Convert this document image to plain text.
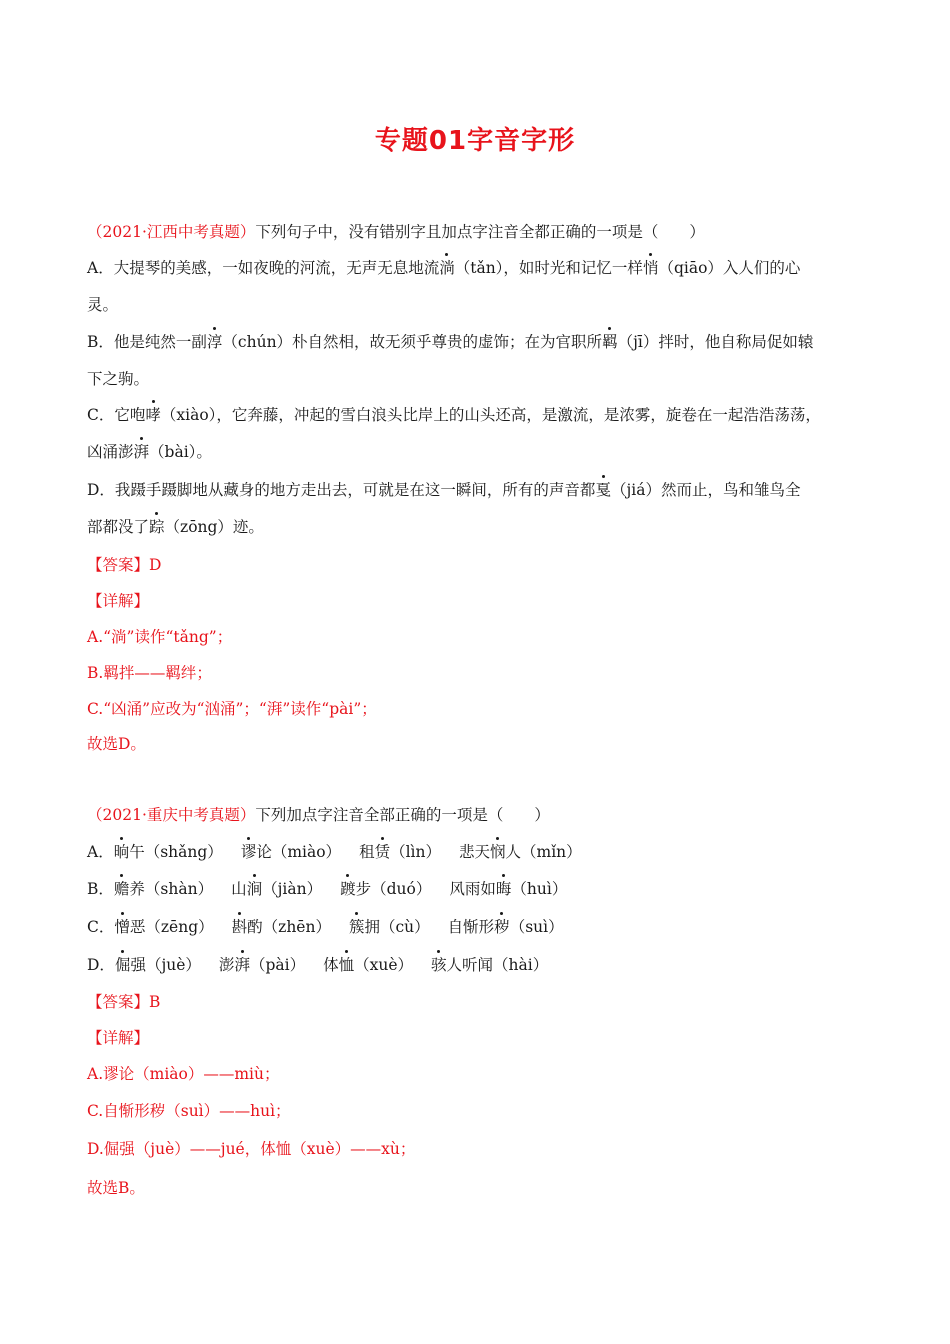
专题01字音字形
（2021·江西中考真题）下列句子中，没有错别字且加点字注音全都正确的一项是（　　）
A．大提琴的美感，一如夜晚的河流，无声无息地流淌（tǎn），如时光和记忆一样悄（qiāo）入人们的心
灵。
B．他是纯然一副淳（chún）朴自然相，故无须乎尊贵的虚饰；在为官职所羁（jī）拌时，他自称局促如辕
下之驹。
C．它咆哮（xiào），它奔藤，冲起的雪白浪头比岸上的山头还高，是激流，是浓雾，旋卷在一起浩浩荡荡，
凶涌澎湃（bài）。
D．我蹑手蹑脚地从藏身的地方走出去，可就是在这一瞬间，所有的声音都戛（jiá）然而止，鸟和雏鸟全
部都没了踪（zōng）迹。
【答案】D
【详解】
A.“淌”读作“tǎng”；
B.羁拌——羁绊；
C.“凶涌”应改为“汹涌”；“湃”读作“pài”；
故选D。
（2021·重庆中考真题）下列加点字注音全部正确的一项是（　　）
A．晌午（shǎng） 谬论（miào） 租赁（lìn） 悲天悯人（mǐn）
B．赡养（shàn） 山涧（jiàn） 踱步（duó） 风雨如晦（huì）
C．憎恶（zēng） 斟酌（zhēn） 簇拥（cù） 自惭形秽（suì）
D．倔强（juè） 澎湃（pài） 体恤（xuè） 骇人听闻（hài）
【答案】B
【详解】
A.谬论（miào）——miù；
C.自惭形秽（suì）——huì；
D.倔强（juè）——jué，体恤（xuè）——xù；
故选B。
